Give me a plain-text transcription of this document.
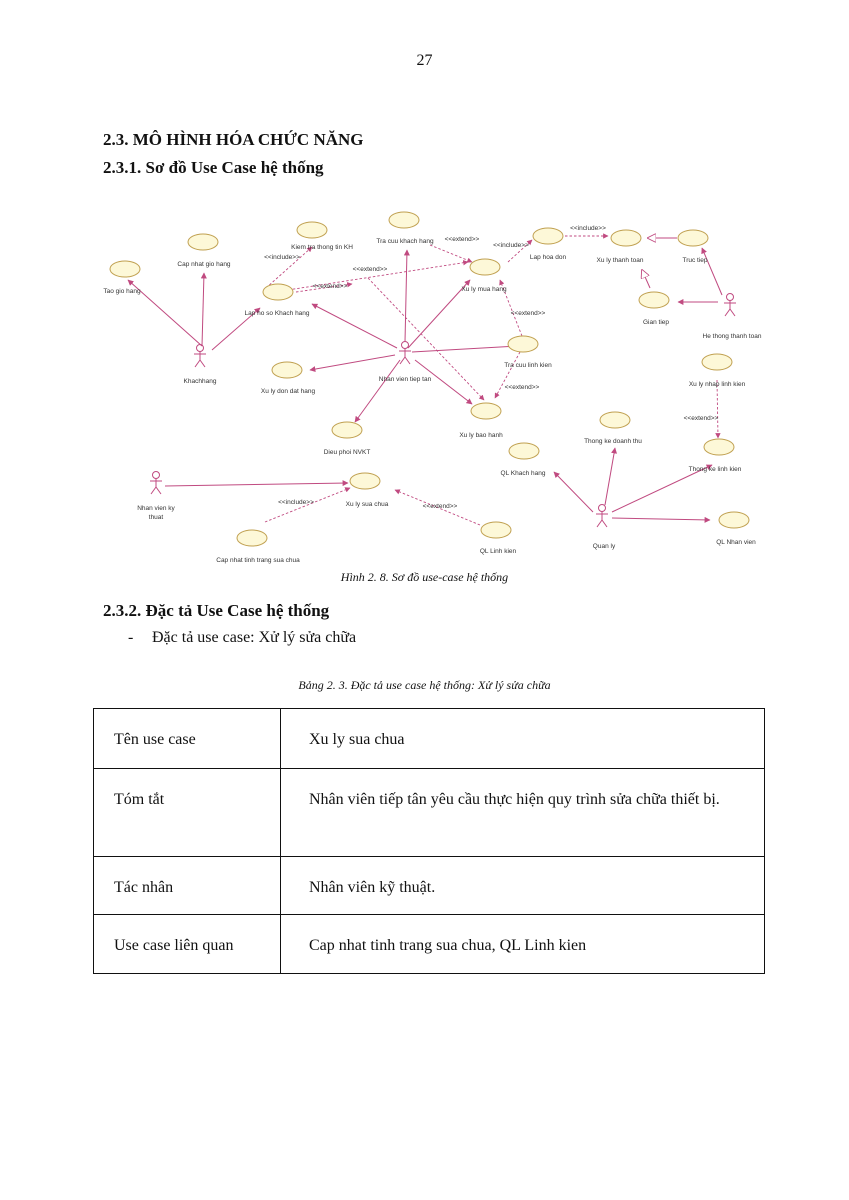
27
2.3. MÔ HÌNH HÓA CHỨC NĂNG
2.3.1. Sơ đồ Use Case hệ thống
Khachhang	Nhan vien tiep tan
He thong thanh toan
Nhan vien ky
thuat
Quan ly
Tao gio hang
Cap nhat gio hang
Lap ho so Khach hang
Kiem tra thong tin KH
Tra cuu khach hang
Lap hoa don	Xu ly thanh toan	Truc tiep
Gian tiep
Xu ly mua hang
Tra cuu linh kien
Xu ly don dat hang
Xu ly bao hanh
Dieu phoi NVKT
Thong ke doanh thu
QL Khach hang
Xu ly nhap linh kien
Thong ke linh kien
Xu ly sua chua
Cap nhat tinh trang sua chua
QL Linh kien
QL Nhan vien
<<include>>
<<extend>>
<<extend>>
<<extend>>
<<include>>
<<include>>
<<extend>>
<<extend>>
<<extend>>
<<include>>
<<extend>>
Hình 2. 8. Sơ đồ use-case hệ thống
2.3.2. Đặc tả Use Case hệ thống
- Đặc tả use case: Xử lý sửa chữa
Bảng 2. 3. Đặc tả use case hệ thống: Xử lý sửa chữa
Tên use case	Xu ly sua chua
Tóm tắt	Nhân viên tiếp tân yêu cầu thực hiện quy trình sửa chữa thiết bị.
Tác nhân	Nhân viên kỹ thuật.
Use case liên quan	Cap nhat tinh trang sua chua, QL Linh kien
